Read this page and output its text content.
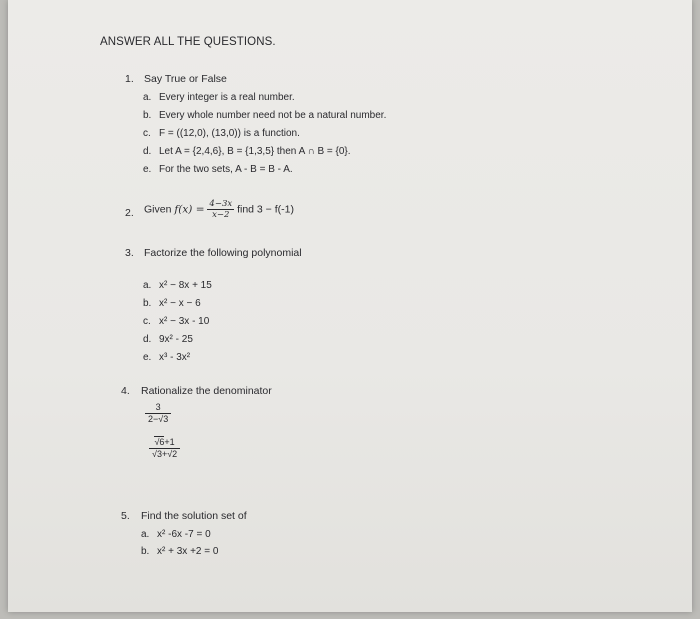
ANSWER ALL THE QUESTIONS.
1. Say True or False
a. Every integer is a real number.
b. Every whole number need not be a natural number.
c. F = ((12,0), (13,0)) is a function.
d. Let A = {2,4,6}, B = {1,3,5} then A ∩ B = {0}.
e. For the two sets, A - B = B - A.
2. Given $f(x) = \frac{4-3x}{x-2}$ find 3 − f(-1)
3. Factorize the following polynomial
a. x² − 8x + 15
b. x² − x − 6
c. x² − 3x - 10
d. 9x² - 25
e. x³ - 3x²
4. Rationalize the denominator
$\frac{3}{2-√3}$
$\frac{√6+1}{√3+√2}$
5. Find the solution set of
a. x² -6x -7 = 0
b. x² + 3x +2 = 0
